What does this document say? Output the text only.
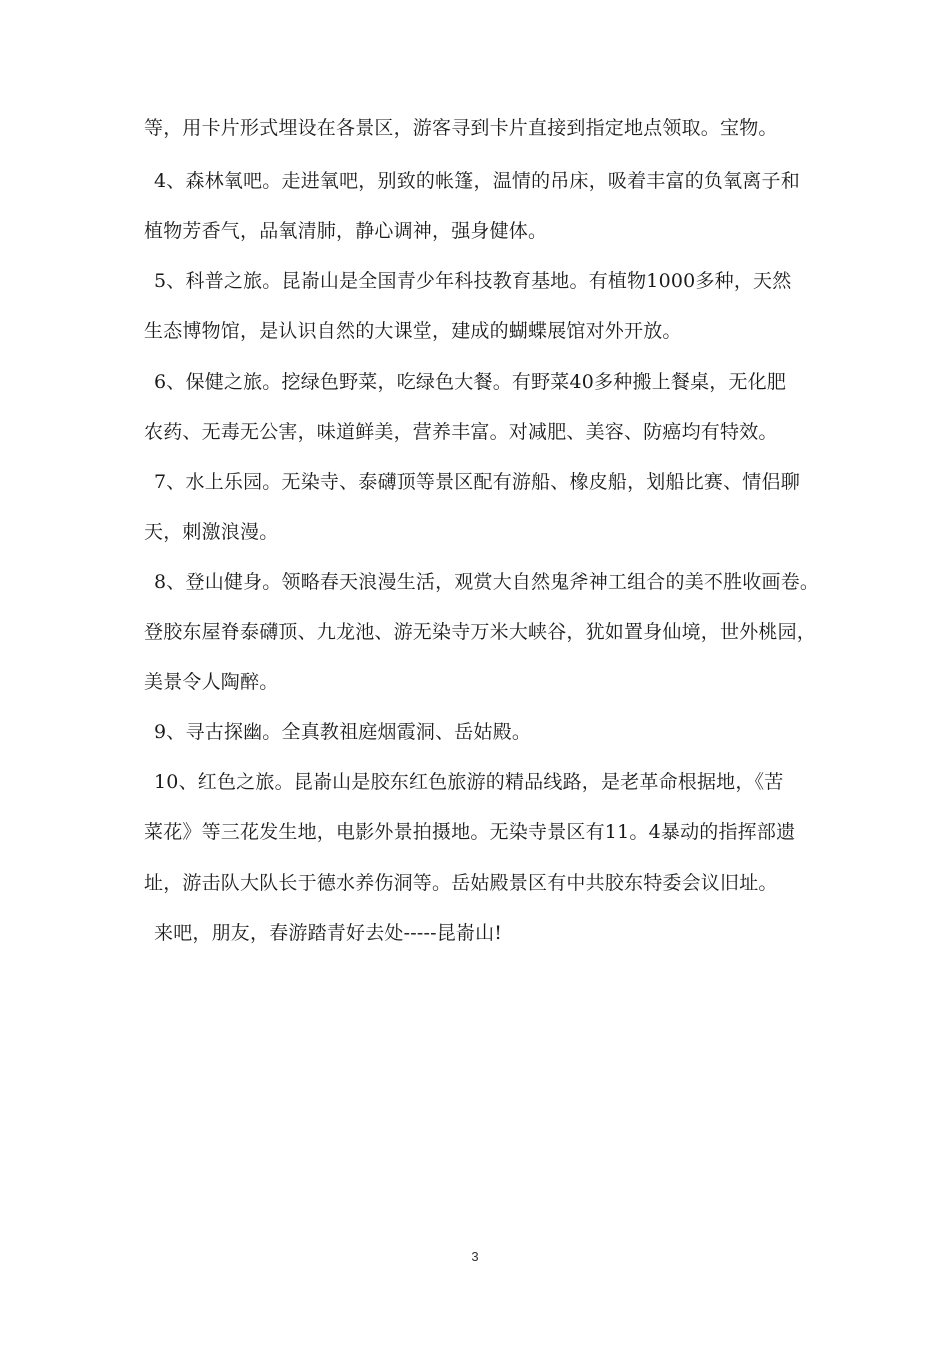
等，用卡片形式埋设在各景区，游客寻到卡片直接到指定地点领取。宝物。
4、森林氧吧。走进氧吧，别致的帐篷，温情的吊床，吸着丰富的负氧离子和
植物芳香气，品氧清肺，静心调神，强身健体。
5、科普之旅。昆嵛山是全国青少年科技教育基地。有植物1000多种，天然
生态博物馆，是认识自然的大课堂，建成的蝴蝶展馆对外开放。
6、保健之旅。挖绿色野菜，吃绿色大餐。有野菜40多种搬上餐桌，无化肥
农药、无毒无公害，味道鲜美，营养丰富。对减肥、美容、防癌均有特效。
7、水上乐园。无染寺、泰礴顶等景区配有游船、橡皮船，划船比赛、情侣聊
天，刺激浪漫。
8、登山健身。领略春天浪漫生活，观赏大自然鬼斧神工组合的美不胜收画卷。
登胶东屋脊泰礴顶、九龙池、游无染寺万米大峡谷，犹如置身仙境，世外桃园，
美景令人陶醉。
9、寻古探幽。全真教祖庭烟霞洞、岳姑殿。
10、红色之旅。昆嵛山是胶东红色旅游的精品线路，是老革命根据地，《苦
菜花》等三花发生地，电影外景拍摄地。无染寺景区有11。4暴动的指挥部遗
址，游击队大队长于德水养伤洞等。岳姑殿景区有中共胶东特委会议旧址。
来吧，朋友，春游踏青好去处-----昆嵛山!
3
